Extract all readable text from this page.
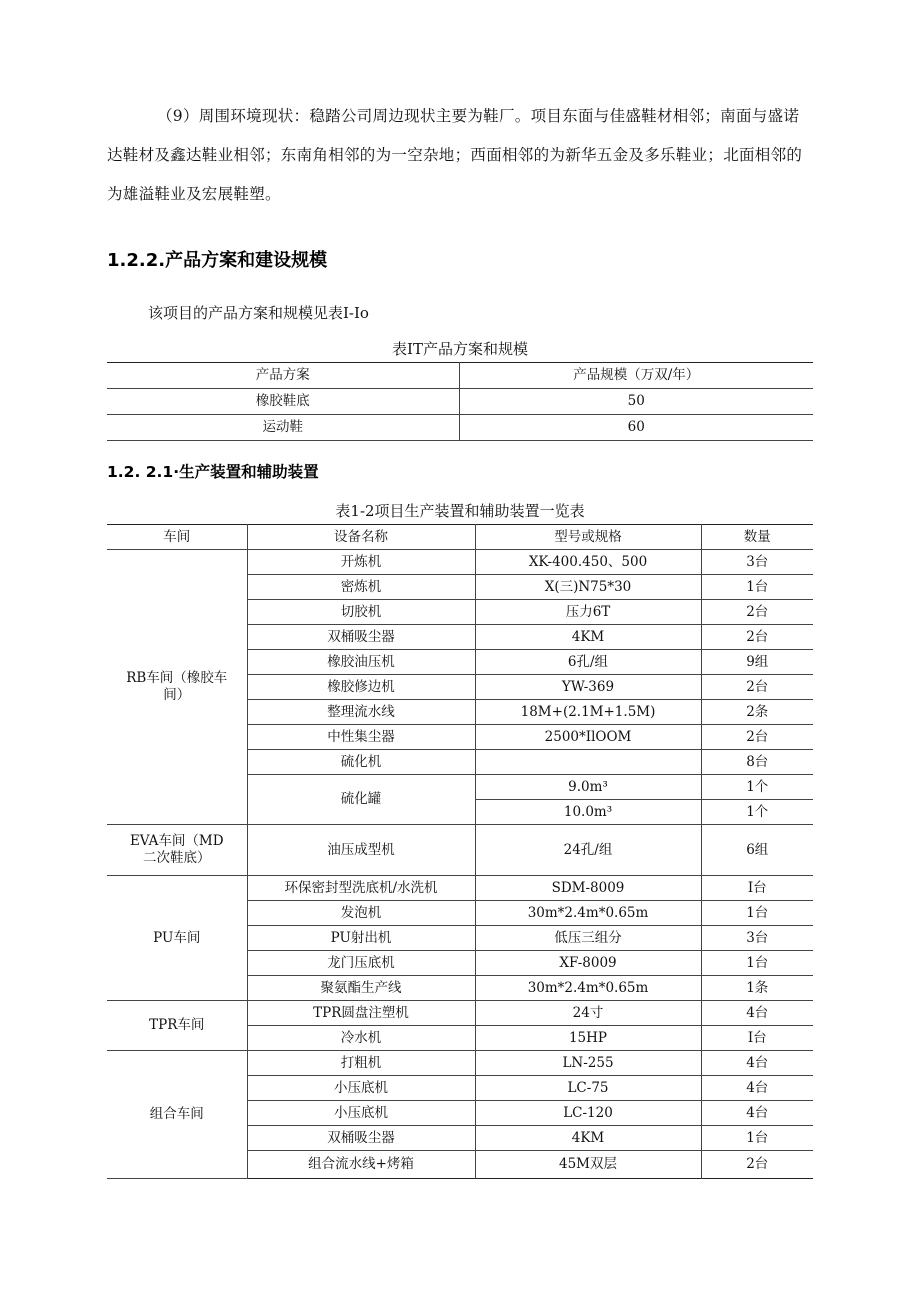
（9）周围环境现状：稳踏公司周边现状主要为鞋厂。项目东面与佳盛鞋材相邻；南面与盛诺达鞋材及鑫达鞋业相邻；东南角相邻的为一空杂地；西面相邻的为新华五金及多乐鞋业；北面相邻的为雄溢鞋业及宏展鞋塑。

1.2.2.产品方案和建设规模

该项目的产品方案和规模见表I-Io

表IT产品方案和规模

产品方案	产品规模（万双/年）
橡胶鞋底	50
运动鞋	60
1.2. 2.1·生产装置和辅助装置

表1-2项目生产装置和辅助装置一览表

车间	设备名称	型号或规格	数量
RB车间（橡胶车间）	开炼机	XK-400.450、500	3台
	密炼机	X(三)N75*30	1台
	切胶机	压力6T	2台
	双桶吸尘器	4KM	2台
	橡胶油压机	6孔/组	9组
	橡胶修边机	YW-369	2台
	整理流水线	18M+(2.1M+1.5M)	2条
	中性集尘器	2500*IlOOM	2台
	硫化机		8台
	硫化罐	9.0m³	1个
		10.0m³	1个
EVA车间（MD二次鞋底）	油压成型机	24孔/组	6组
PU车间	环保密封型洗底机/水洗机	SDM-8009	I台
	发泡机	30m*2.4m*0.65m	1台
	PU射出机	低压三组分	3台
	龙门压底机	XF-8009	1台
	聚氨酯生产线	30m*2.4m*0.65m	1条
TPR车间	TPR圆盘注塑机	24寸	4台
	冷水机	15HP	I台
组合车间	打粗机	LN-255	4台
	小压底机	LC-75	4台
	小压底机	LC-120	4台
	双桶吸尘器	4KM	1台
	组合流水线+烤箱	45M双层	2台
